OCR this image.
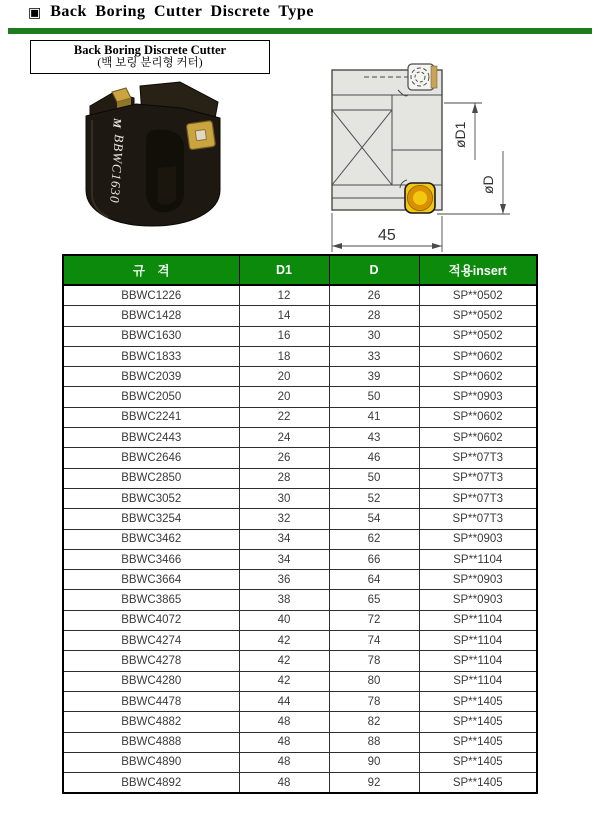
▣ Back Boring Cutter Discrete Type
Back Boring Discrete Cutter
(백 보링 분리형 커터)
M
BBWC1630	øD1
øD
45
규　격	D1	D	적용insert
BBWC1226	12	26	SP**0502
BBWC1428	14	28	SP**0502
BBWC1630	16	30	SP**0502
BBWC1833	18	33	SP**0602
BBWC2039	20	39	SP**0602
BBWC2050	20	50	SP**0903
BBWC2241	22	41	SP**0602
BBWC2443	24	43	SP**0602
BBWC2646	26	46	SP**07T3
BBWC2850	28	50	SP**07T3
BBWC3052	30	52	SP**07T3
BBWC3254	32	54	SP**07T3
BBWC3462	34	62	SP**0903
BBWC3466	34	66	SP**1104
BBWC3664	36	64	SP**0903
BBWC3865	38	65	SP**0903
BBWC4072	40	72	SP**1104
BBWC4274	42	74	SP**1104
BBWC4278	42	78	SP**1104
BBWC4280	42	80	SP**1104
BBWC4478	44	78	SP**1405
BBWC4882	48	82	SP**1405
BBWC4888	48	88	SP**1405
BBWC4890	48	90	SP**1405
BBWC4892	48	92	SP**1405
